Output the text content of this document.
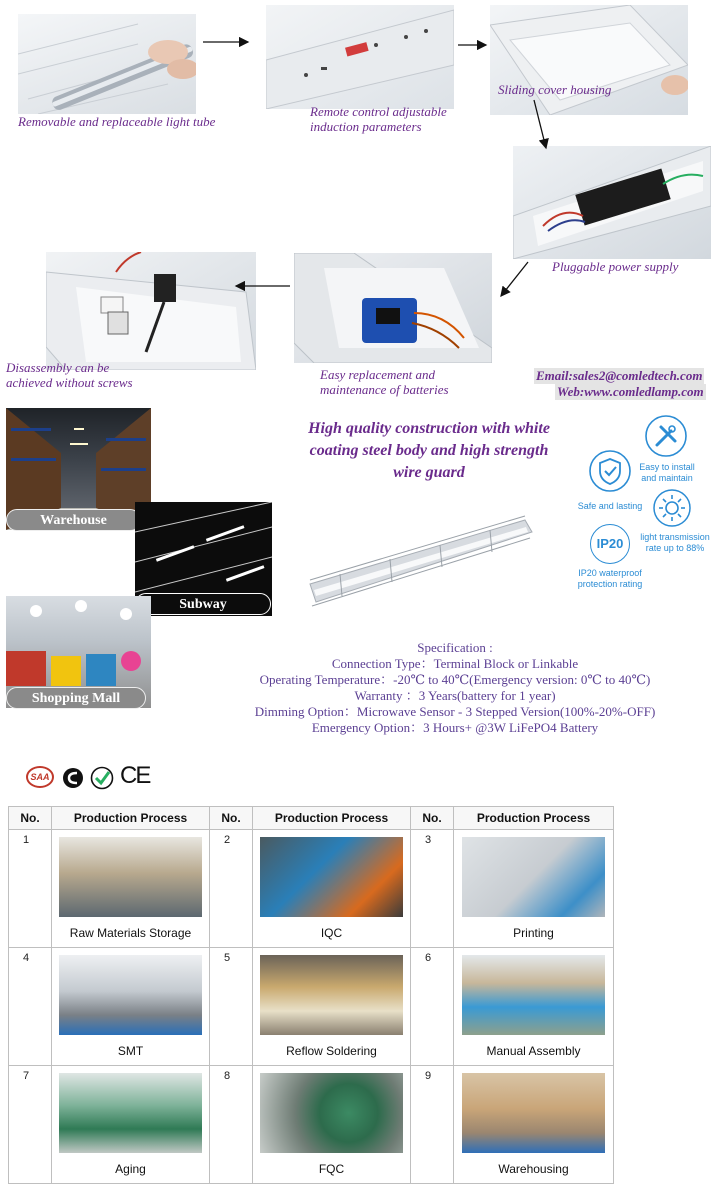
Removable and replaceable light tube
Remote control adjustable
induction parameters
Sliding cover housing
Pluggable power supply
Easy replacement and
maintenance of batteries
Disassembly can be
achieved without screws	Email:sales2@comledtech.com
Web:www.comledlamp.com
High quality construction with white coating steel body and high strength wire guard	Easy to install and maintain
Safe and lasting
light transmission rate up to 88%
IP20
IP20 waterproof protection rating
Warehouse
Subway
Shopping Mall
Specification :
Connection Type：Terminal Block or Linkable
Operating Temperature：-20℃ to 40℃(Emergency version: 0℃ to 40℃)
Warranty ：3 Years(battery for 1 year)
Dimming Option：Microwave Sensor - 3 Stepped Version(100%-20%-OFF)
Emergency Option：3 Hours+ @3W LiFePO4 Battery
SAA	CE
No.	Production Process	No.	Production Process	No.	Production Process
1	Raw Materials Storage	2	IQC	3	Printing

4	SMT	5	Reflow Soldering	6	Manual Assembly

7	Aging	8	FQC	9	Warehousing
